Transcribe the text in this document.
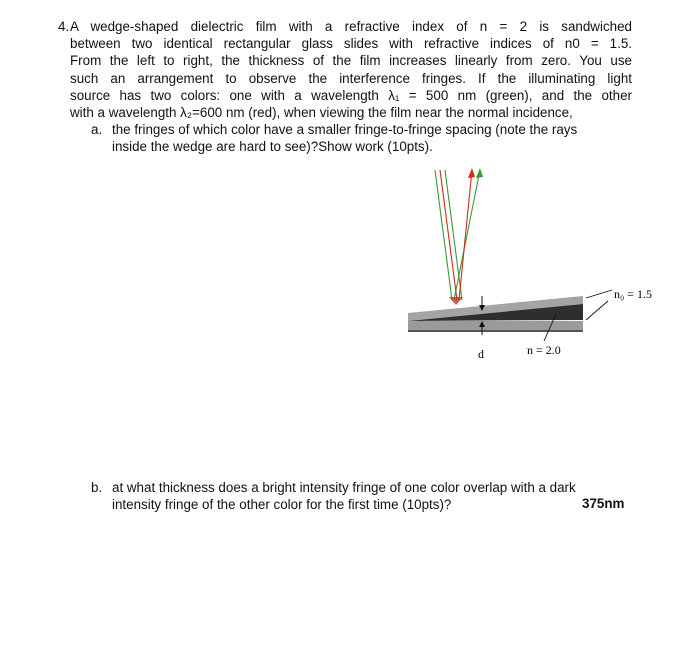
4. A wedge-shaped dielectric film with a refractive index of n = 2 is sandwiched
between two identical rectangular glass slides with refractive indices of n0 = 1.5.
From the left to right, the thickness of the film increases linearly from zero. You use
such an arrangement to observe the interference fringes. If the illuminating light
source has two colors: one with a wavelength λ₁ = 500 nm (green), and the other
with a wavelength λ₂=600 nm (red), when viewing the film near the normal incidence,
a. the fringes of which color have a smaller fringe-to-fringe spacing (note the rays
inside the wedge are hard to see)?Show work (10pts).
d	n = 2.0
n₀ = 1.5
b. at what thickness does a bright intensity fringe of one color overlap with a dark
intensity fringe of the other color for the first time (10pts)?	375nm
